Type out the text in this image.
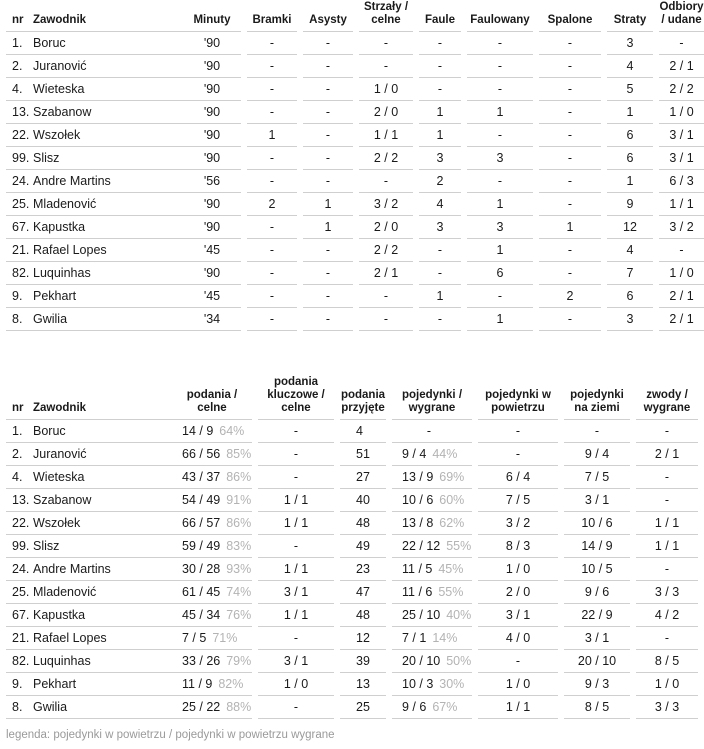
nr	Zawodnik	Minuty		Bramki		Asysty		Strzały / celne		Faule		Faulowany		Spalone		Straty		Odbiory / udane
1.	Boruc	'90		-		-		-		-		-		-		3		-
2.	Juranović	'90		-		-		-		-		-		-		4		2 / 1
4.	Wieteska	'90		-		-		1 / 0		-		-		-		5		2 / 2
13.	Szabanow	'90		-		-		2 / 0		1		1		-		1		1 / 0
22.	Wszołek	'90		1		-		1 / 1		1		-		-		6		3 / 1
99.	Slisz	'90		-		-		2 / 2		3		3		-		6		3 / 1
24.	Andre Martins	'56		-		-		-		2		-		-		1		6 / 3
25.	Mladenović	'90		2		1		3 / 2		4		1		-		9		1 / 1
67.	Kapustka	'90		-		1		2 / 0		3		3		1		12		3 / 2
21.	Rafael Lopes	'45		-		-		2 / 2		-		1		-		4		-
82.	Luquinhas	'90		-		-		2 / 1		-		6		-		7		1 / 0
9.	Pekhart	'45		-		-		-		1		-		2		6		2 / 1
8.	Gwilia	'34		-		-		-		-		1		-		3		2 / 1
nr	Zawodnik	podania / celne		podania kluczowe / celne		podania przyjęte		pojedynki / wygrane		pojedynki w powietrzu		pojedynki na ziemi		zwody / wygrane
1.	Boruc	14 / 9 64%		-		4		-		-		-		-
2.	Juranović	66 / 56 85%		-		51		9 / 4 44%		-		9 / 4		2 / 1
4.	Wieteska	43 / 37 86%		-		27		13 / 9 69%		6 / 4		7 / 5		-
13.	Szabanow	54 / 49 91%		1 / 1		40		10 / 6 60%		7 / 5		3 / 1		-
22.	Wszołek	66 / 57 86%		1 / 1		48		13 / 8 62%		3 / 2		10 / 6		1 / 1
99.	Slisz	59 / 49 83%		-		49		22 / 12 55%		8 / 3		14 / 9		1 / 1
24.	Andre Martins	30 / 28 93%		1 / 1		23		11 / 5 45%		1 / 0		10 / 5		-
25.	Mladenović	61 / 45 74%		3 / 1		47		11 / 6 55%		2 / 0		9 / 6		3 / 3
67.	Kapustka	45 / 34 76%		1 / 1		48		25 / 10 40%		3 / 1		22 / 9		4 / 2
21.	Rafael Lopes	7 / 5 71%		-		12		7 / 1 14%		4 / 0		3 / 1		-
82.	Luquinhas	33 / 26 79%		3 / 1		39		20 / 10 50%		-		20 / 10		8 / 5
9.	Pekhart	11 / 9 82%		1 / 0		13		10 / 3 30%		1 / 0		9 / 3		1 / 0
8.	Gwilia	25 / 22 88%		-		25		9 / 6 67%		1 / 1		8 / 5		3 / 3
legenda: pojedynki w powietrzu / pojedynki w powietrzu wygrane
